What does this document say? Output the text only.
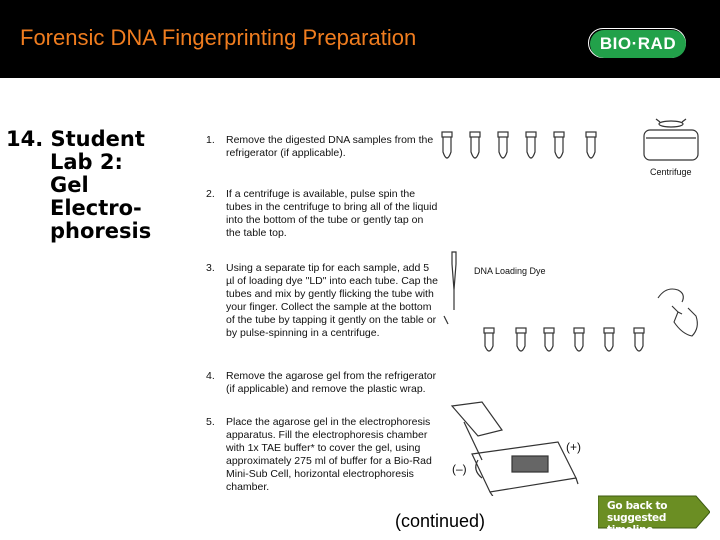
Forensic DNA Fingerprinting Preparation	BIO·RAD
14. Student
Lab 2:
Gel
Electro-
phoresis
1.	Remove the digested DNA samples from the refrigerator (if applicable).
2.	If a centrifuge is available, pulse spin the tubes in the centrifuge to bring all of the liquid into the bottom of the tube or gently tap on the table top.
3.	Using a separate tip for each sample, add 5 µl of loading dye "LD" into each tube. Cap the tubes and mix by gently flicking the tube with your finger. Collect the sample at the bottom of the tube by tapping it gently on the table or by pulse-spinning in a centrifuge.
4.	Remove the agarose gel from the refrigerator (if applicable) and remove the plastic wrap.
5.	Place the agarose gel in the electrophoresis apparatus. Fill the electrophoresis chamber with 1x TAE buffer* to cover the gel, using approximately 275 ml of buffer for a Bio-Rad Mini-Sub Cell, horizontal electrophoresis chamber.
Centrifuge
DNA Loading Dye
(+)
(–)
(continued)
Go back to suggested timeline
